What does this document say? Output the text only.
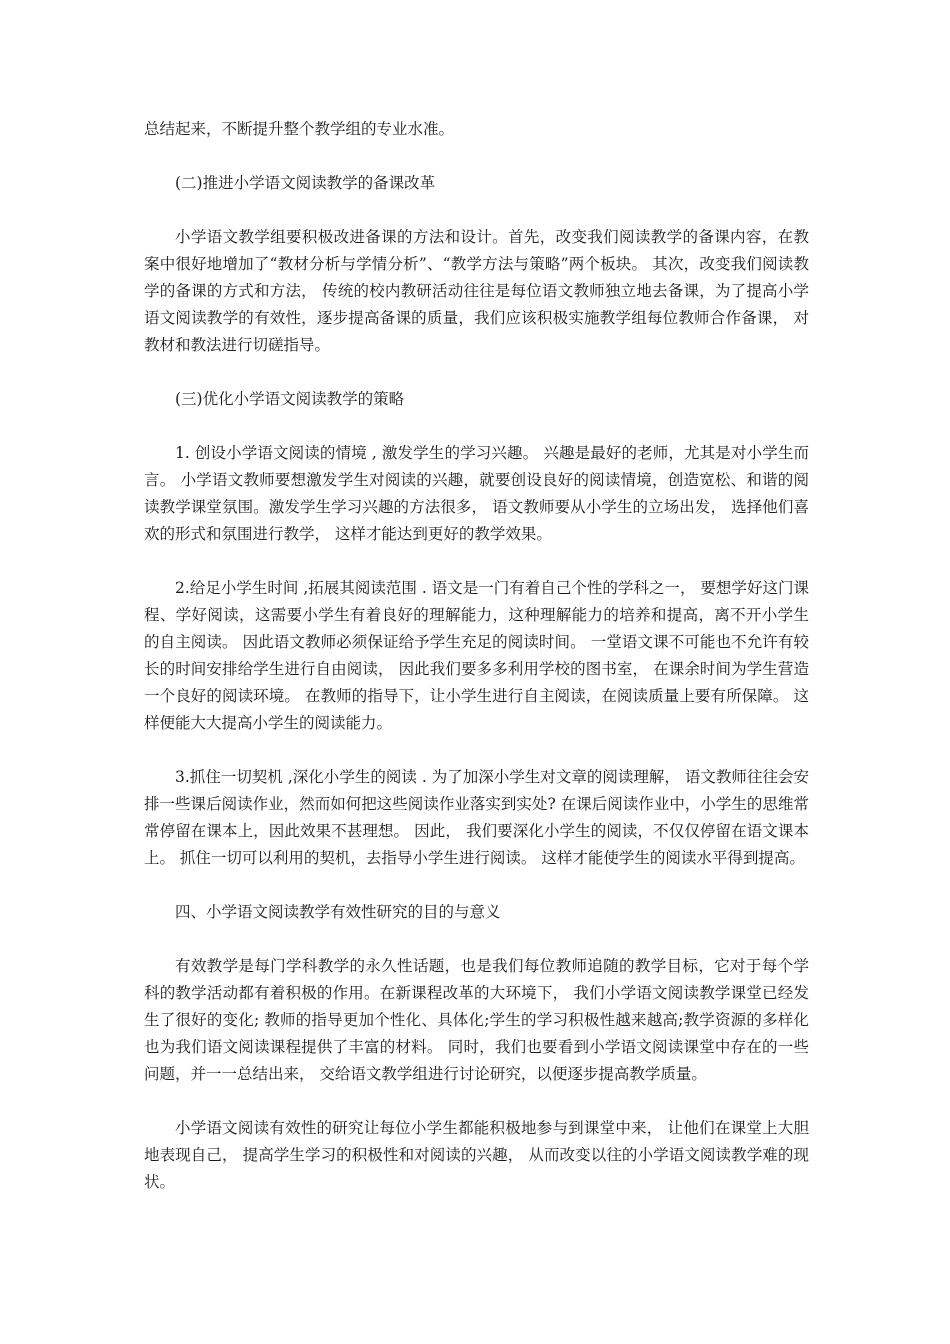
总结起来，不断提升整个教学组的专业水准。

(二)推进小学语文阅读教学的备课改革

小学语文教学组要积极改进备课的方法和设计。首先，改变我们阅读教学的备课内容，在教案中很好地增加了“教材分析与学情分析”、“教学方法与策略”两个板块。 其次，改变我们阅读教学的备课的方式和方法， 传统的校内教研活动往往是每位语文教师独立地去备课，为了提高小学语文阅读教学的有效性，逐步提高备课的质量，我们应该积极实施教学组每位教师合作备课， 对教材和教法进行切磋指导。

(三)优化小学语文阅读教学的策略

1. 创设小学语文阅读的情境 , 激发学生的学习兴趣。 兴趣是最好的老师，尤其是对小学生而言。 小学语文教师要想激发学生对阅读的兴趣，就要创设良好的阅读情境，创造宽松、和谐的阅读教学课堂氛围。激发学生学习兴趣的方法很多， 语文教师要从小学生的立场出发， 选择他们喜欢的形式和氛围进行教学， 这样才能达到更好的教学效果。

2.给足小学生时间 ,拓展其阅读范围 . 语文是一门有着自己个性的学科之一， 要想学好这门课程、学好阅读，这需要小学生有着良好的理解能力，这种理解能力的培养和提高，离不开小学生的自主阅读。 因此语文教师必须保证给予学生充足的阅读时间。 一堂语文课不可能也不允许有较长的时间安排给学生进行自由阅读， 因此我们要多多利用学校的图书室， 在课余时间为学生营造一个良好的阅读环境。 在教师的指导下，让小学生进行自主阅读，在阅读质量上要有所保障。 这样便能大大提高小学生的阅读能力。

3.抓住一切契机 ,深化小学生的阅读 . 为了加深小学生对文章的阅读理解， 语文教师往往会安排一些课后阅读作业，然而如何把这些阅读作业落实到实处? 在课后阅读作业中，小学生的思维常常停留在课本上，因此效果不甚理想。 因此， 我们要深化小学生的阅读，不仅仅停留在语文课本上。 抓住一切可以利用的契机，去指导小学生进行阅读。 这样才能使学生的阅读水平得到提高。

四、小学语文阅读教学有效性研究的目的与意义

有效教学是每门学科教学的永久性话题，也是我们每位教师追随的教学目标，它对于每个学科的教学活动都有着积极的作用。在新课程改革的大环境下， 我们小学语文阅读教学课堂已经发生了很好的变化; 教师的指导更加个性化、具体化;学生的学习积极性越来越高;教学资源的多样化也为我们语文阅读课程提供了丰富的材料。 同时，我们也要看到小学语文阅读课堂中存在的一些问题，并一一总结出来， 交给语文教学组进行讨论研究，以便逐步提高教学质量。

小学语文阅读有效性的研究让每位小学生都能积极地参与到课堂中来， 让他们在课堂上大胆地表现自己， 提高学生学习的积极性和对阅读的兴趣， 从而改变以往的小学语文阅读教学难的现状。
